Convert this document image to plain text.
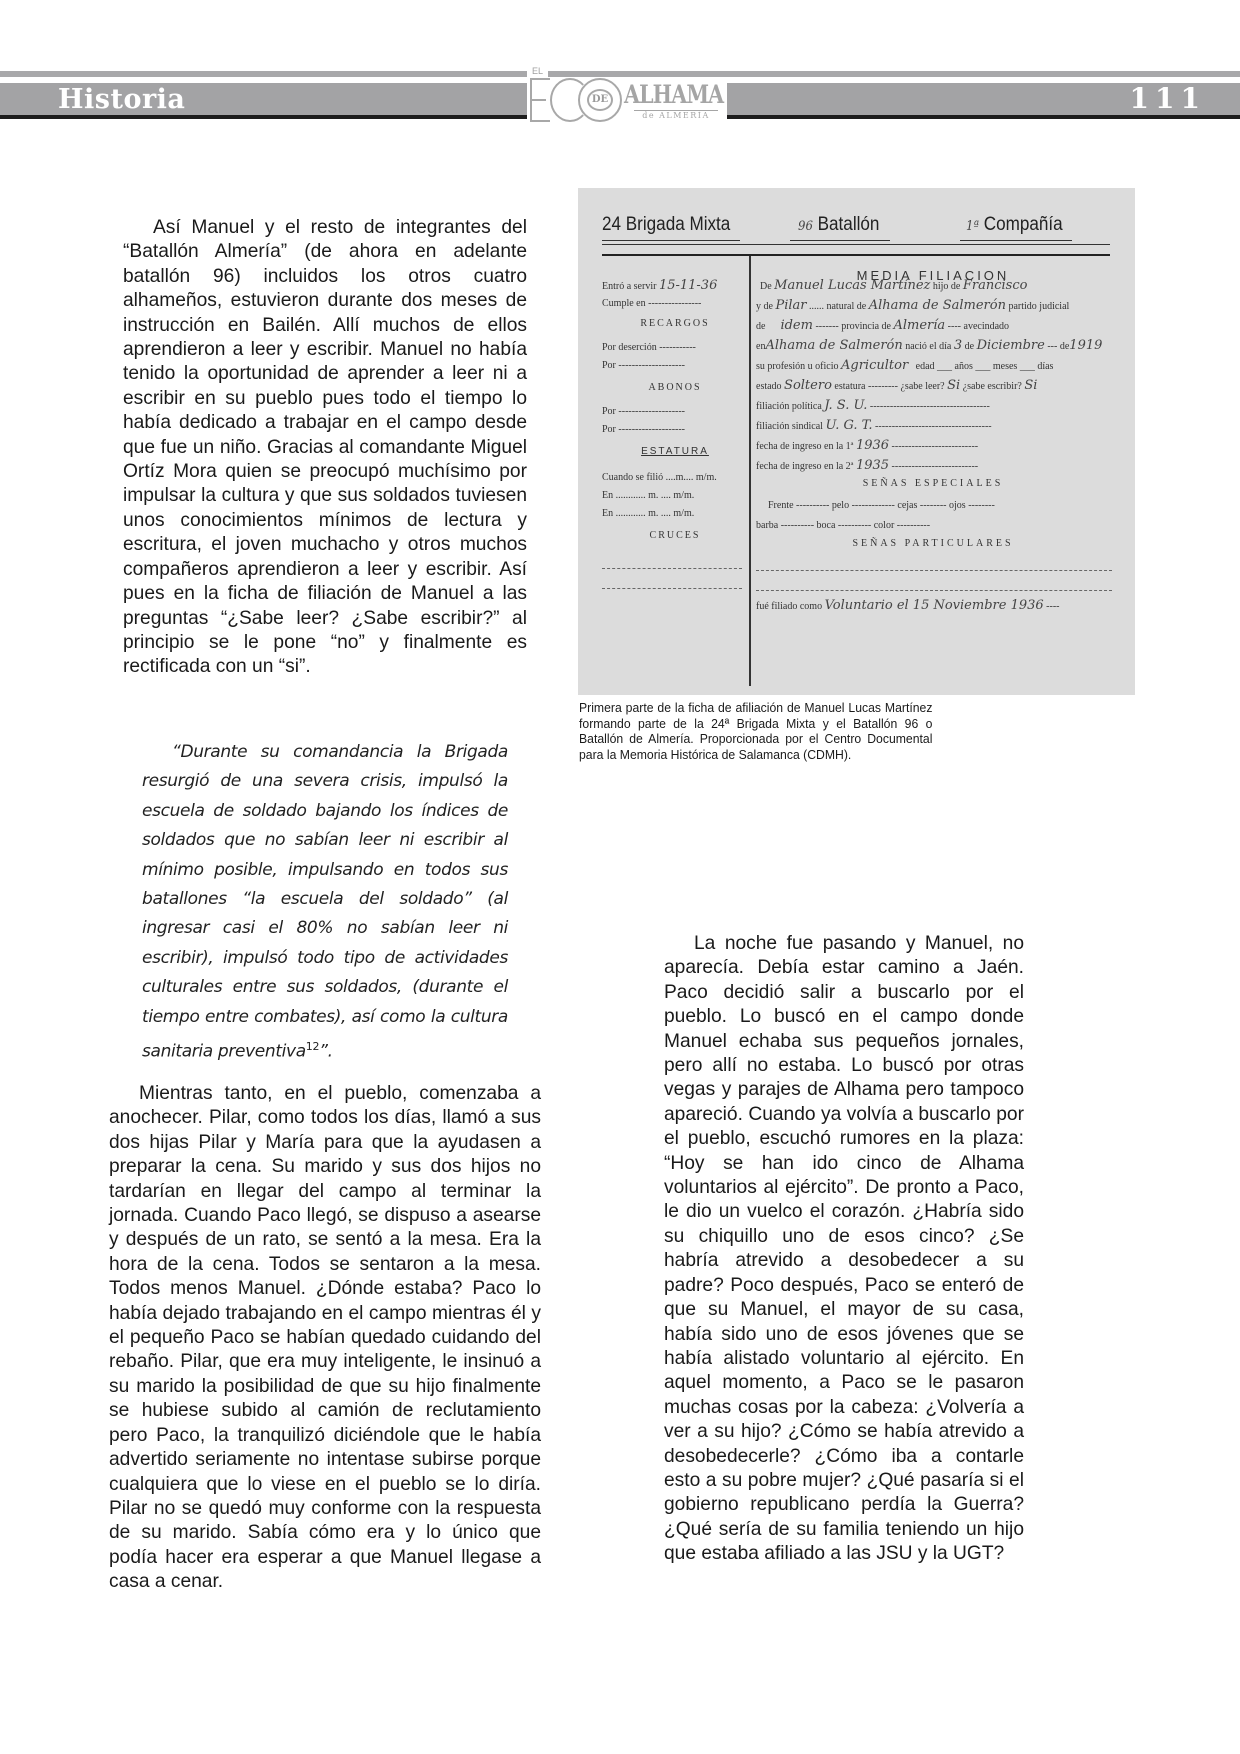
Historia	111
EL
DE ALHAMA
de ALMERÍA

Así Manuel y el resto de integrantes del “Batallón Almería” (de ahora en adelante batallón 96) incluidos los otros cuatro alhameños, estuvieron durante dos meses de instrucción en Bailén. Allí muchos de ellos aprendieron a leer y escribir. Manuel no había tenido la oportunidad de aprender a leer ni a escribir en su pueblo pues todo el tiempo lo había dedicado a trabajar en el campo desde que fue un niño. Gracias al comandante Miguel Ortíz Mora quien se preocupó muchísimo por impulsar la cultura y que sus soldados tuviesen unos conocimientos mínimos de lectura y escritura, el joven muchacho y otros muchos compañeros aprendieron a leer y escribir. Así pues en la ficha de filiación de Manuel a las preguntas “¿Sabe leer? ¿Sabe escribir?” al principio se le pone “no” y finalmente es rectificada con un “si”.

“Durante su comandancia la Brigada resurgió de una severa crisis, impulsó la escuela de soldado bajando los índices de soldados que no sabían leer ni escribir al mínimo posible, impulsando en todos sus batallones “la escuela del soldado” (al ingresar casi el 80% no sabían leer ni escribir), impulsó todo tipo de actividades culturales entre sus soldados, (durante el tiempo entre combates), así como la cultura sanitaria preventiva$^{12}$”.

Mientras tanto, en el pueblo, comenzaba a anochecer. Pilar, como todos los días, llamó a sus dos hijas Pilar y María para que la ayudasen a preparar la cena. Su marido y sus dos hijos no tardarían en llegar del campo al terminar la jornada. Cuando Paco llegó, se dispuso a asearse y después de un rato, se sentó a la mesa. Era la hora de la cena. Todos se sentaron a la mesa. Todos menos Manuel. ¿Dónde estaba? Paco lo había dejado trabajando en el campo mientras él y el pequeño Paco se habían quedado cuidando del rebaño. Pilar, que era muy inteligente, le insinuó a su marido la posibilidad de que su hijo finalmente se hubiese subido al camión de reclutamiento pero Paco, la tranquilizó diciéndole que le había advertido seriamente no intentase subirse porque cualquiera que lo viese en el pueblo se lo diría. Pilar no se quedó muy conforme con la respuesta de su marido. Sabía cómo era y lo único que podía hacer era esperar a que Manuel llegase a casa a cenar.

La noche fue pasando y Manuel, no aparecía. Debía estar camino a Jaén. Paco decidió salir a buscarlo por el pueblo. Lo buscó en el campo donde Manuel echaba sus pequeños jornales, pero allí no estaba. Lo buscó por otras vegas y parajes de Alhama pero tampoco apareció. Cuando ya volvía a buscarlo por el pueblo, escuchó rumores en la plaza: “Hoy se han ido cinco de Alhama voluntarios al ejército”. De pronto a Paco, le dio un vuelco el corazón. ¿Habría sido su chiquillo uno de esos cinco? ¿Se habría atrevido a desobedecer a su padre? Poco después, Paco se enteró de que su Manuel, el mayor de su casa, había sido uno de esos jóvenes que se había alistado voluntario al ejército. En aquel momento, a Paco se le pasaron muchas cosas por la cabeza: ¿Volvería a ver a su hijo? ¿Cómo se había atrevido a desobedecerle? ¿Cómo iba a contarle esto a su pobre mujer? ¿Qué pasaría si el gobierno republicano perdía la Guerra? ¿Qué sería de su familia teniendo un hijo que estaba afiliado a las JSU y la UGT?

24 Brigada Mixta	96 Batallón	1ª Compañía
MEDIA FILIACION
Entró a servir 15-11-36
Cumple en ----------------
RECARGOS
Por deserción -----------
Por --------------------
ABONOS
Por --------------------
Por --------------------
ESTATURA
Cuando se filió ....m.... m/m.
En ............ m. .... m/m.
En ............ m. .... m/m.
CRUCES
De Manuel Lucas Martínez hijo de Francisco
y de Pilar ...... natural de Alhama de Salmerón partido judicial
de idem ------- provincia de Almería ---- avecindado
enAlhama de Salmerón nació el día 3 de Diciembre --- de1919
su profesión u oficio Agricultor edad ___ años ___ meses ___ días
estado Soltero estatura --------- ¿sabe leer? Si ¿sabe escribir? Si
filiación política J. S. U. ------------------------------------
filiación sindical U. G. T. -----------------------------------
fecha de ingreso en la 1ª 1936 --------------------------
fecha de ingreso en la 2ª 1935 --------------------------
SEÑAS ESPECIALES
Frente ---------- pelo ------------- cejas -------- ojos --------
barba ---------- boca ---------- color ----------
SEÑAS PARTICULARES
fué filiado como Voluntario el 15 Noviembre 1936 ----
Primera parte de la ficha de afiliación de Manuel Lucas Martínez formando parte de la 24ª Brigada Mixta y el Batallón 96 o Batallón de Almería. Proporcionada por el Centro Documental para la Memoria Histórica de Salamanca (CDMH).
